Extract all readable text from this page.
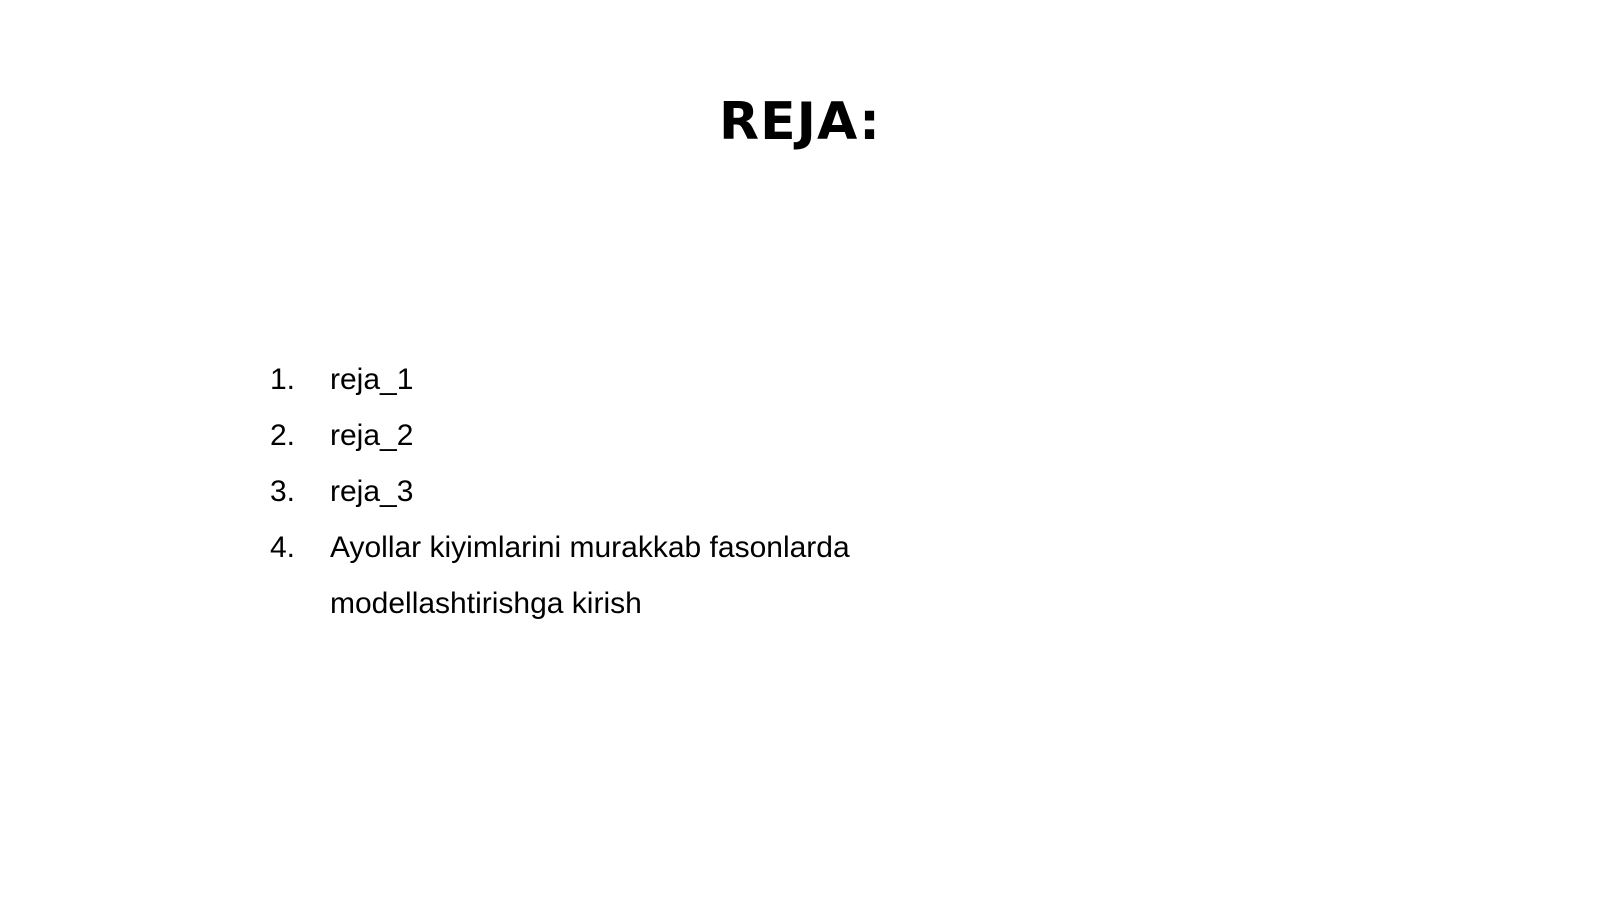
REJA:
1. reja_1
2. reja_2
3. reja_3
4. Ayollar kiyimlarini murakkab fasonlarda modellashtirishga kirish
